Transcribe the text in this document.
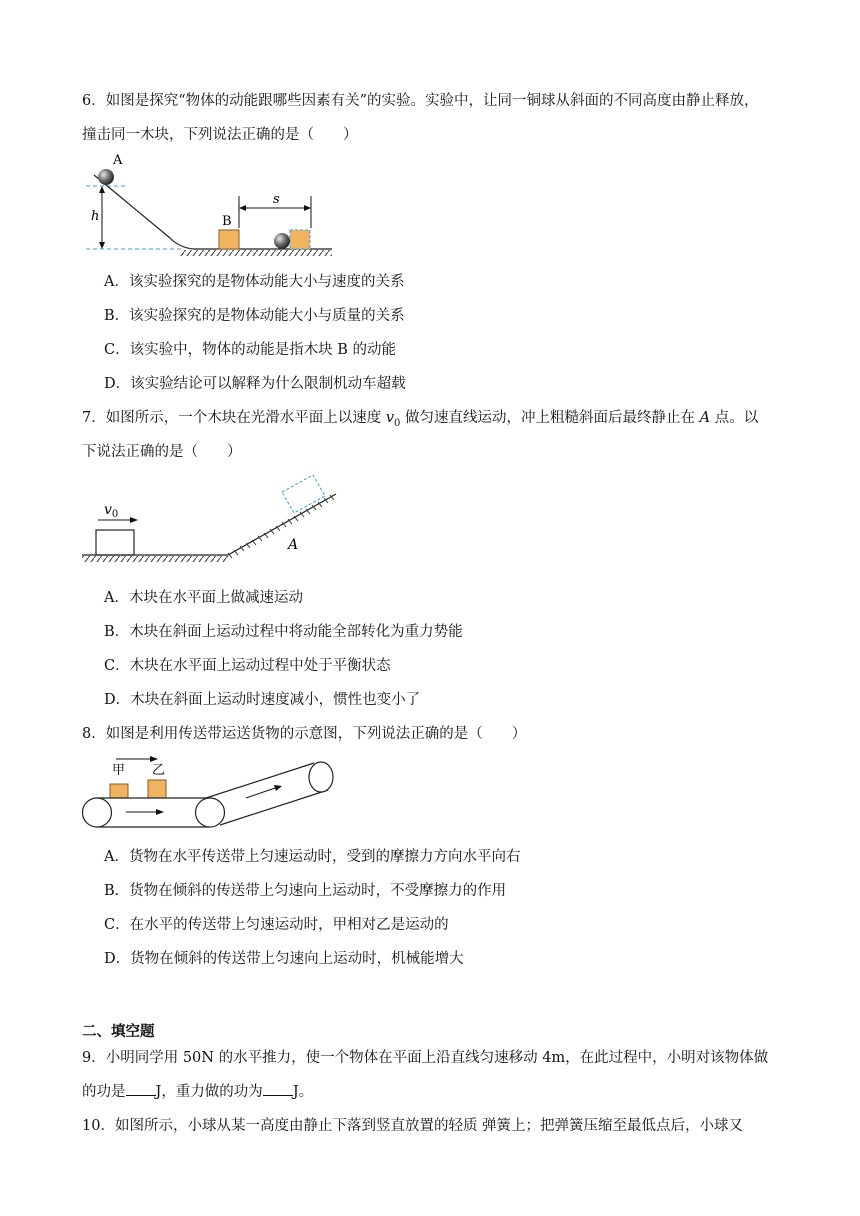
6．如图是探究“物体的动能跟哪些因素有关”的实验。实验中，让同一铜球从斜面的不同高度由静止释放，
撞击同一木块，下列说法正确的是（　　）
h
A
B
s
A．该实验探究的是物体动能大小与速度的关系
B．该实验探究的是物体动能大小与质量的关系
C．该实验中，物体的动能是指木块 B 的动能
D．该实验结论可以解释为什么限制机动车超载
7．如图所示，一个木块在光滑水平面上以速度 $v_0$ 做匀速直线运动，冲上粗糙斜面后最终静止在 A 点。以
下说法正确的是（　　）
$v_0$
A
A．木块在水平面上做减速运动
B．木块在斜面上运动过程中将动能全部转化为重力势能
C．木块在水平面上运动过程中处于平衡状态
D．木块在斜面上运动时速度减小，惯性也变小了
8．如图是利用传送带运送货物的示意图，下列说法正确的是（　　）
甲 乙
A．货物在水平传送带上匀速运动时，受到的摩擦力方向水平向右
B．货物在倾斜的传送带上匀速向上运动时，不受摩擦力的作用
C．在水平的传送带上匀速运动时，甲相对乙是运动的
D．货物在倾斜的传送带上匀速向上运动时，机械能增大
二、填空题
9．小明同学用 50N 的水平推力，使一个物体在平面上沿直线匀速移动 4m，在此过程中，小明对该物体做
的功是 J，重力做的功为 J。
10．如图所示，小球从某一高度由静止下落到竖直放置的轻质 弹簧上；把弹簧压缩至最低点后，小球又
